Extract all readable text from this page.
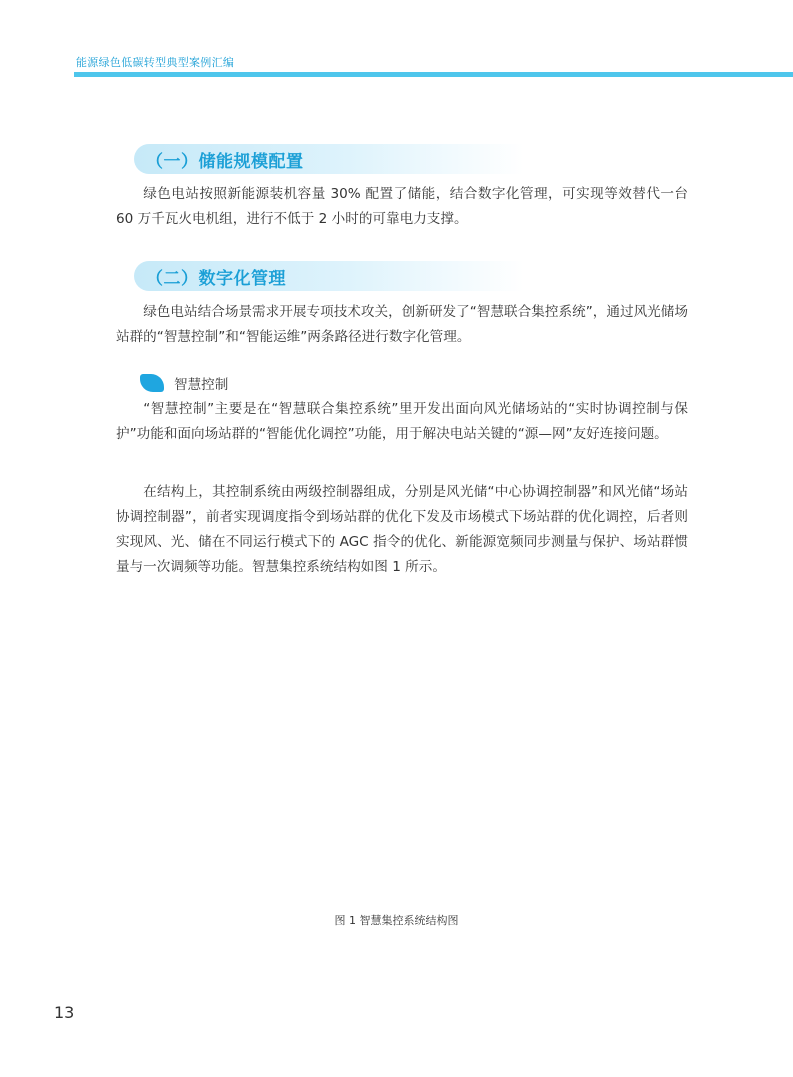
能源绿色低碳转型典型案例汇编
（一）储能规模配置

绿色电站按照新能源装机容量 30% 配置了储能，结合数字化管理，可实现等效替代一台 60 万千瓦火电机组，进行不低于 2 小时的可靠电力支撑。

（二）数字化管理

绿色电站结合场景需求开展专项技术攻关，创新研发了“智慧联合集控系统”，通过风光储场站群的“智慧控制”和“智能运维”两条路径进行数字化管理。

智慧控制

“智慧控制”主要是在“智慧联合集控系统”里开发出面向风光储场站的“实时协调控制与保护”功能和面向场站群的“智能优化调控”功能，用于解决电站关键的“源—网”友好连接问题。

在结构上，其控制系统由两级控制器组成，分别是风光储“中心协调控制器”和风光储“场站协调控制器”，前者实现调度指令到场站群的优化下发及市场模式下场站群的优化调控，后者则实现风、光、储在不同运行模式下的 AGC 指令的优化、新能源宽频同步测量与保护、场站群惯量与一次调频等功能。智慧集控系统结构如图 1 所示。

图 1 智慧集控系统结构图
13
